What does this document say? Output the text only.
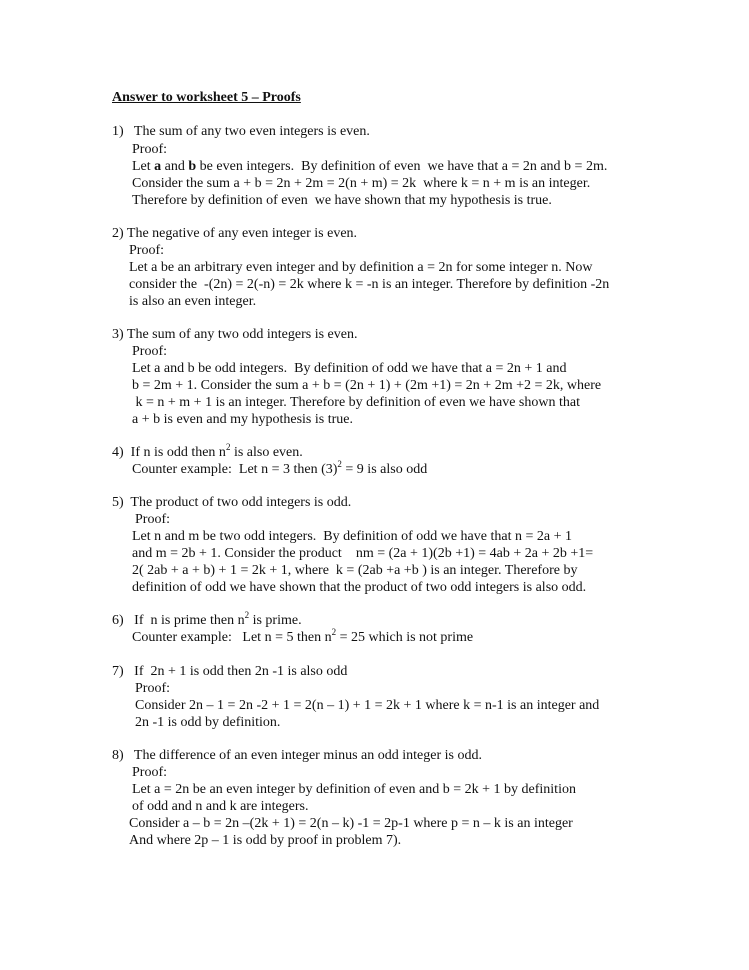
Answer to worksheet 5 – Proofs
1)   The sum of any two even integers is even.
Proof:
Let a and b be even integers.  By definition of even  we have that a = 2n and b = 2m.
Consider the sum a + b = 2n + 2m = 2(n + m) = 2k  where k = n + m is an integer.
Therefore by definition of even  we have shown that my hypothesis is true.
2) The negative of any even integer is even.
Proof:
Let a be an arbitrary even integer and by definition a = 2n for some integer n. Now
consider the  -(2n) = 2(-n) = 2k where k = -n is an integer. Therefore by definition -2n
is also an even integer.
3) The sum of any two odd integers is even.
Proof:
Let a and b be odd integers.  By definition of odd we have that a = 2n + 1 and
b = 2m + 1. Consider the sum a + b = (2n + 1) + (2m +1) = 2n + 2m +2 = 2k, where
k = n + m + 1 is an integer. Therefore by definition of even we have shown that
a + b is even and my hypothesis is true.
4)  If n is odd then $n^2$ is also even.
Counter example:  Let n = 3 then $(3)^2 = 9$ is also odd
5)  The product of two odd integers is odd.
Proof:
Let n and m be two odd integers.  By definition of odd we have that n = 2a + 1
and m = 2b + 1. Consider the product    nm = (2a + 1)(2b +1) = 4ab + 2a + 2b +1=
2( 2ab + a + b) + 1 = 2k + 1, where  k = (2ab +a +b ) is an integer. Therefore by
definition of odd we have shown that the product of two odd integers is also odd.
6)   If  n is prime then $n^2$ is prime.
Counter example:   Let n = 5 then $n^2 = 25$ which is not prime
7)   If  2n + 1 is odd then 2n -1 is also odd
Proof:
Consider 2n – 1 = 2n -2 + 1 = 2(n – 1) + 1 = 2k + 1 where k = n-1 is an integer and
2n -1 is odd by definition.
8)   The difference of an even integer minus an odd integer is odd.
Proof:
Let a = 2n be an even integer by definition of even and b = 2k + 1 by definition
of odd and n and k are integers.
Consider a – b = 2n –(2k + 1) = 2(n – k) -1 = 2p-1 where p = n – k is an integer
And where 2p – 1 is odd by proof in problem 7).
